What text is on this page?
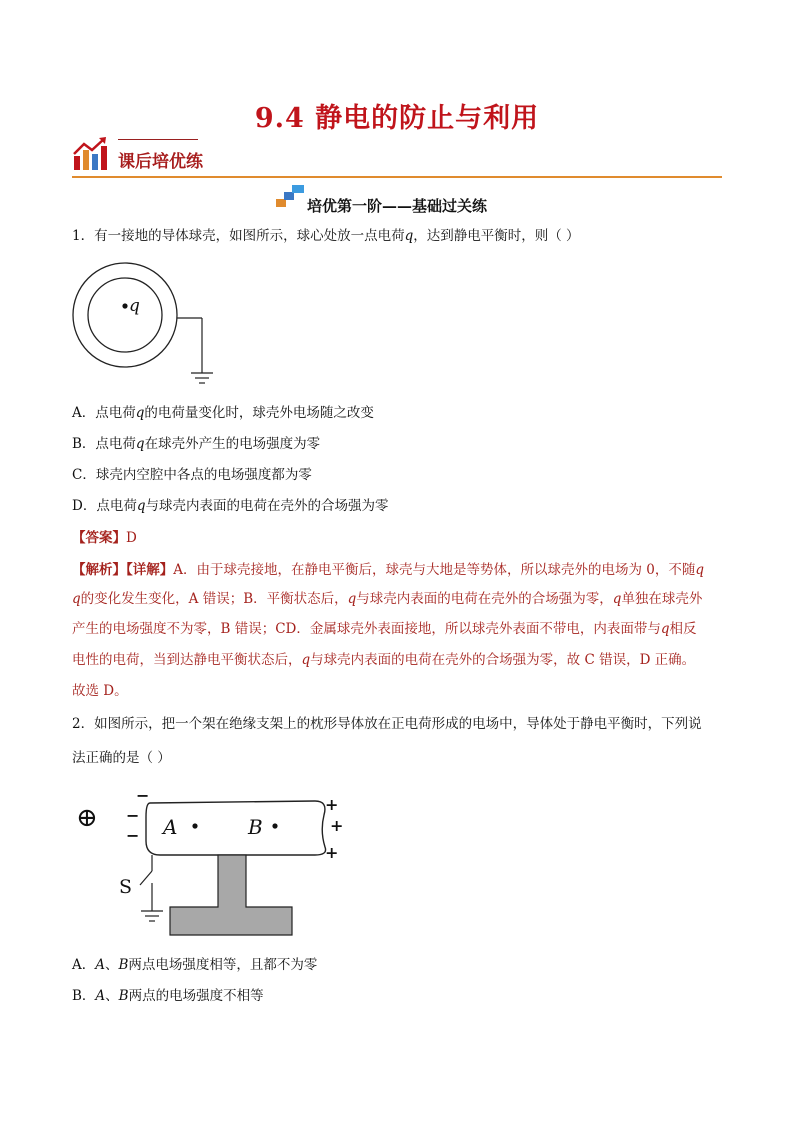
9.4 静电的防止与利用
课后培优练
培优第一阶——基础过关练
1．有一接地的导体球壳，如图所示，球心处放一点电荷q，达到静电平衡时，则（ ）
q
A．点电荷q的电荷量变化时，球壳外电场随之改变
B．点电荷q在球壳外产生的电场强度为零
C．球壳内空腔中各点的电场强度都为零
D．点电荷q与球壳内表面的电荷在壳外的合场强为零
【答案】D
【解析】【详解】A．由于球壳接地，在静电平衡后，球壳与大地是等势体，所以球壳外的电场为 0，不随q
q的变化发生变化，A 错误；B．平衡状态后，q与球壳内表面的电荷在壳外的合场强为零，q单独在球壳外
产生的电场强度不为零，B 错误；CD．金属球壳外表面接地，所以球壳外表面不带电，内表面带与q相反
电性的电荷，当到达静电平衡状态后，q与球壳内表面的电荷在壳外的合场强为零，故 C 错误，D 正确。
故选 D。
2．如图所示，把一个架在绝缘支架上的枕形导体放在正电荷形成的电场中，导体处于静电平衡时，下列说
法正确的是（ ）
⊕	A	B
S
−
−
−
+
+
+
A．A、B两点电场强度相等，且都不为零
B．A、B两点的电场强度不相等
